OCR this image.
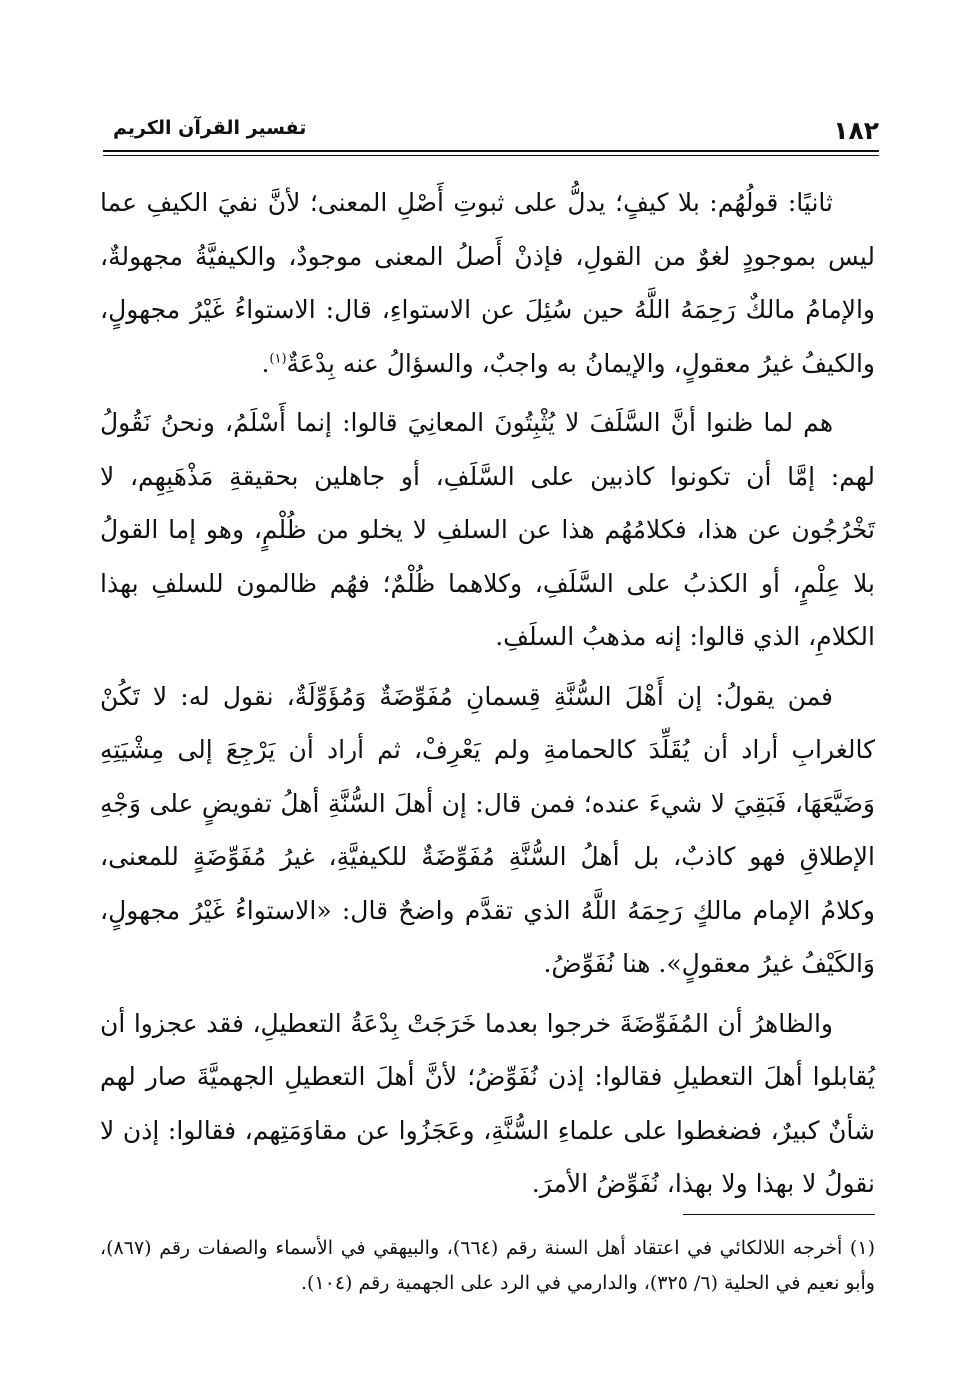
١٨٢
تفسير القرآن الكريم

ثانيًا: قولُهُم: بلا كيفٍ؛ يدلُّ على ثبوتِ أَصْلِ المعنى؛ لأنَّ نفيَ الكيفِ عما ليس بموجودٍ لغوٌ من القولِ، فإذنْ أَصلُ المعنى موجودٌ، والكيفيَّةُ مجهولةٌ، والإمامُ مالكٌ رَحِمَهُ اللَّهُ حين سُئِلَ عن الاستواءِ، قال: الاستواءُ غَيْرُ مجهولٍ، والكيفُ غيرُ معقولٍ، والإيمانُ به واجبٌ، والسؤالُ عنه بِدْعَةٌ$^{(١)}$.

هم لما ظنوا أنَّ السَّلَفَ لا يُثْبِتُونَ المعانِيَ قالوا: إنما أَسْلَمُ، ونحنُ نَقُولُ لهم: إمَّا أن تكونوا كاذبين على السَّلَفِ، أو جاهلين بحقيقةِ مَذْهَبِهِم، لا تَخْرُجُون عن هذا، فكلامُهُم هذا عن السلفِ لا يخلو من ظُلْمٍ، وهو إما القولُ بلا عِلْمٍ، أو الكذبُ على السَّلَفِ، وكلاهما ظُلْمٌ؛ فهُم ظالمون للسلفِ بهذا الكلامِ، الذي قالوا: إنه مذهبُ السلَفِ.

فمن يقولُ: إن أَهْلَ السُّنَّةِ قِسمانِ مُفَوِّضَةٌ وَمُؤَوِّلَةٌ، نقول له: لا تَكُنْ كالغرابِ أراد أن يُقَلِّدَ كالحمامةِ ولم يَعْرِفْ، ثم أراد أن يَرْجِعَ إلى مِشْيَتِهِ وَضَيَّعَهَا، فَبَقِيَ لا شيءَ عنده؛ فمن قال: إن أهلَ السُّنَّةِ أهلُ تفويضٍ على وَجْهِ الإطلاقِ فهو كاذبٌ، بل أهلُ السُّنَّةِ مُفَوِّضَةٌ للكيفيَّةِ، غيرُ مُفَوِّضَةٍ للمعنى، وكلامُ الإمام مالكٍ رَحِمَهُ اللَّهُ الذي تقدَّم واضحٌ قال: «الاستواءُ غَيْرُ مجهولٍ، وَالكَيْفُ غيرُ معقولٍ». هنا نُفَوِّضُ.

والظاهرُ أن المُفَوِّضَةَ خرجوا بعدما خَرَجَتْ بِدْعَةُ التعطيلِ، فقد عجزوا أن يُقابلوا أهلَ التعطيلِ فقالوا: إذن نُفَوِّضُ؛ لأنَّ أهلَ التعطيلِ الجهميَّةَ صار لهم شأنٌ كبيرٌ، فضغطوا على علماءِ السُّنَّةِ، وعَجَزُوا عن مقاوَمَتِهم، فقالوا: إذن لا نقولُ لا بهذا ولا بهذا، نُفَوِّضُ الأمرَ.

(١) أخرجه اللالكائي في اعتقاد أهل السنة رقم (٦٦٤)، والبيهقي في الأسماء والصفات رقم (٨٦٧)، وأبو نعيم في الحلية (٦/ ٣٢٥)، والدارمي في الرد على الجهمية رقم (١٠٤).
